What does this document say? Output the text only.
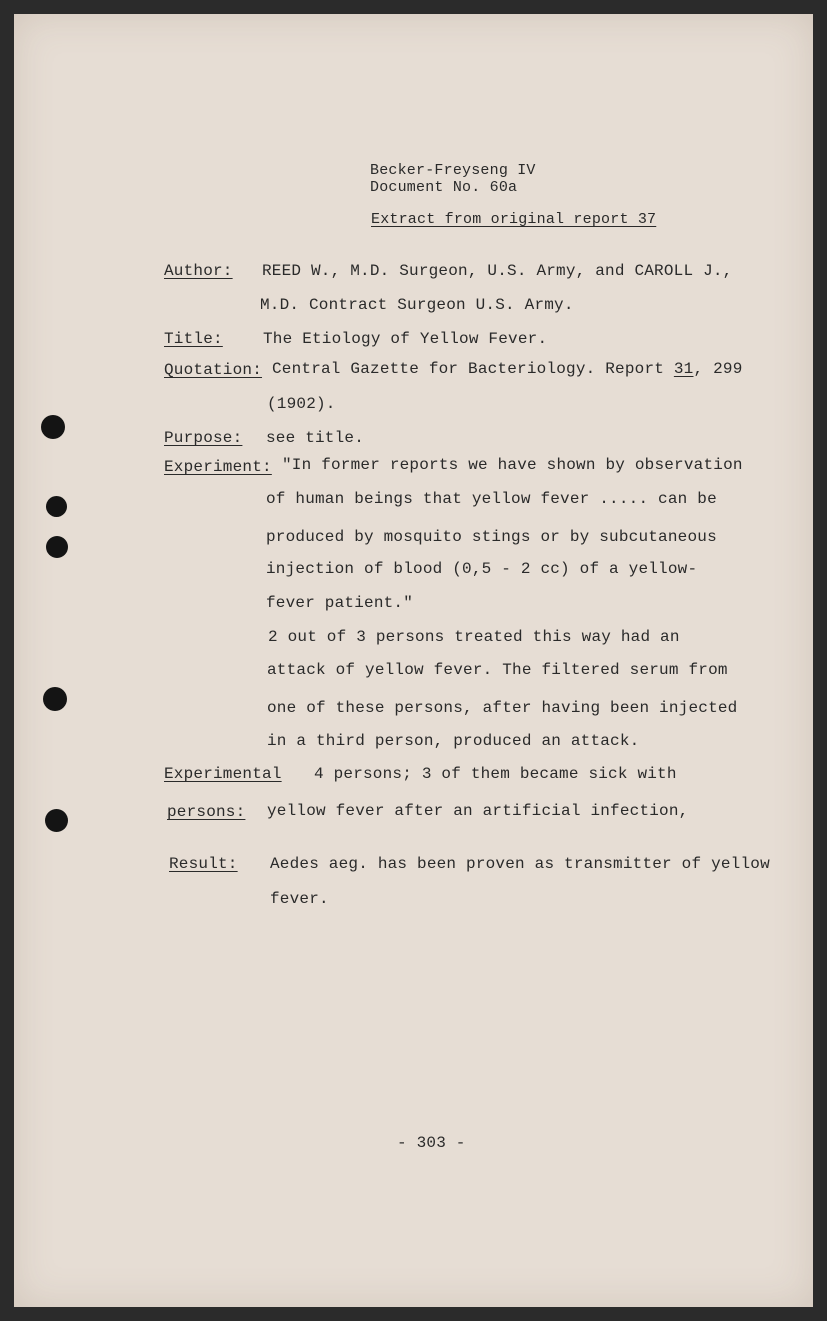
Becker-Freyseng IV
Document No. 60a
Extract from original report 37
Author: REED W., M.D. Surgeon, U.S. Army, and CAROLL J.,
M.D. Contract Surgeon U.S. Army.
Title:	The Etiology of Yellow Fever.
Quotation: Central Gazette for Bacteriology. Report 31, 299
(1902).
Purpose: see title.
Experiment: "In former reports we have shown by observation
of human beings that yellow fever ..... can be
produced by mosquito stings or by subcutaneous
injection of blood (0,5 - 2 cc) of a yellow-
fever patient."
2 out of 3 persons treated this way had an
attack of yellow fever. The filtered serum from
one of these persons, after having been injected
in a third person, produced an attack.
Experimental 4 persons; 3 of them became sick with
persons: yellow fever after an artificial infection,
Result: Aedes aeg. has been proven as transmitter of yellow
fever.
- 303 -
